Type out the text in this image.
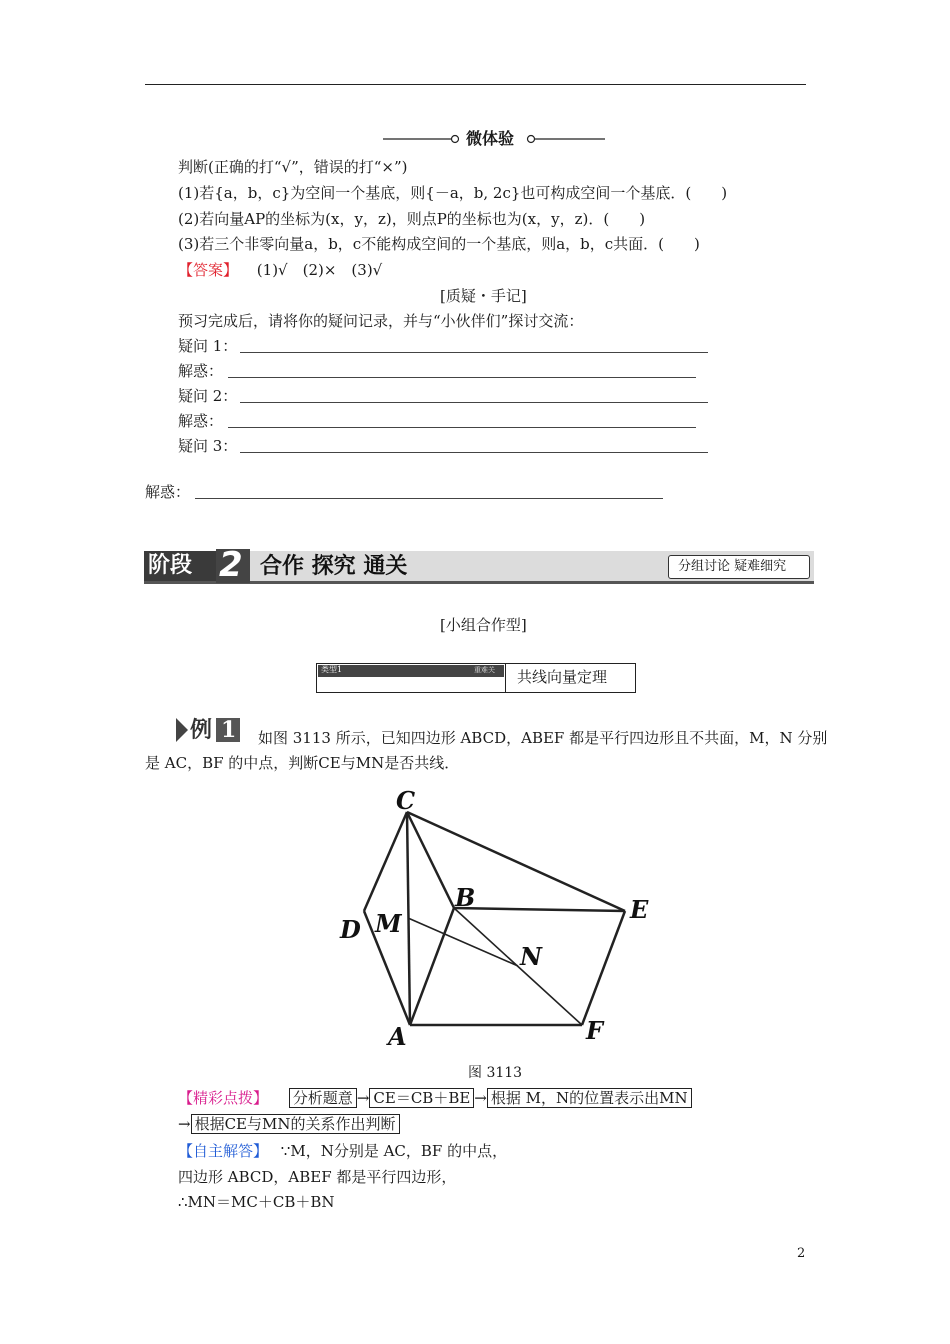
微体验
判断(正确的打“√”，错误的打“×”)
(1)若{a，b，c}为空间一个基底，则{－a，b, 2c}也可构成空间一个基底．(　　)
(2)若向量AP的坐标为(x，y，z)，则点P的坐标也为(x，y，z)．(　　)
(3)若三个非零向量a，b，c不能构成空间的一个基底，则a，b，c共面．(　　)
【答案】 (1)√　(2)×　(3)√
[质疑・手记]
预习完成后，请将你的疑问记录，并与“小伙伴们”探讨交流：
疑问 1：
解惑：
疑问 2：
解惑：
疑问 3：
解惑：
阶段 2 合作 探究 通关	分组讨论 疑难细究
[小组合作型]
类型1	重难关 共线向量定理
例 1 如图 3113 所示，已知四边形 ABCD，ABEF 都是平行四边形且不共面，M，N 分别
是 AC，BF 的中点，判断CE与MN是否共线．
C
B	E
D M
N
A	F
图 3113
【精彩点拨】 分析题意 → CE＝CB＋BE → 根据 M，N的位置表示出MN
→ 根据CE与MN的关系作出判断
【自主解答】 ∵M，N分别是 AC，BF 的中点，
四边形 ABCD，ABEF 都是平行四边形，
∴MN＝MC＋CB＋BN
2
